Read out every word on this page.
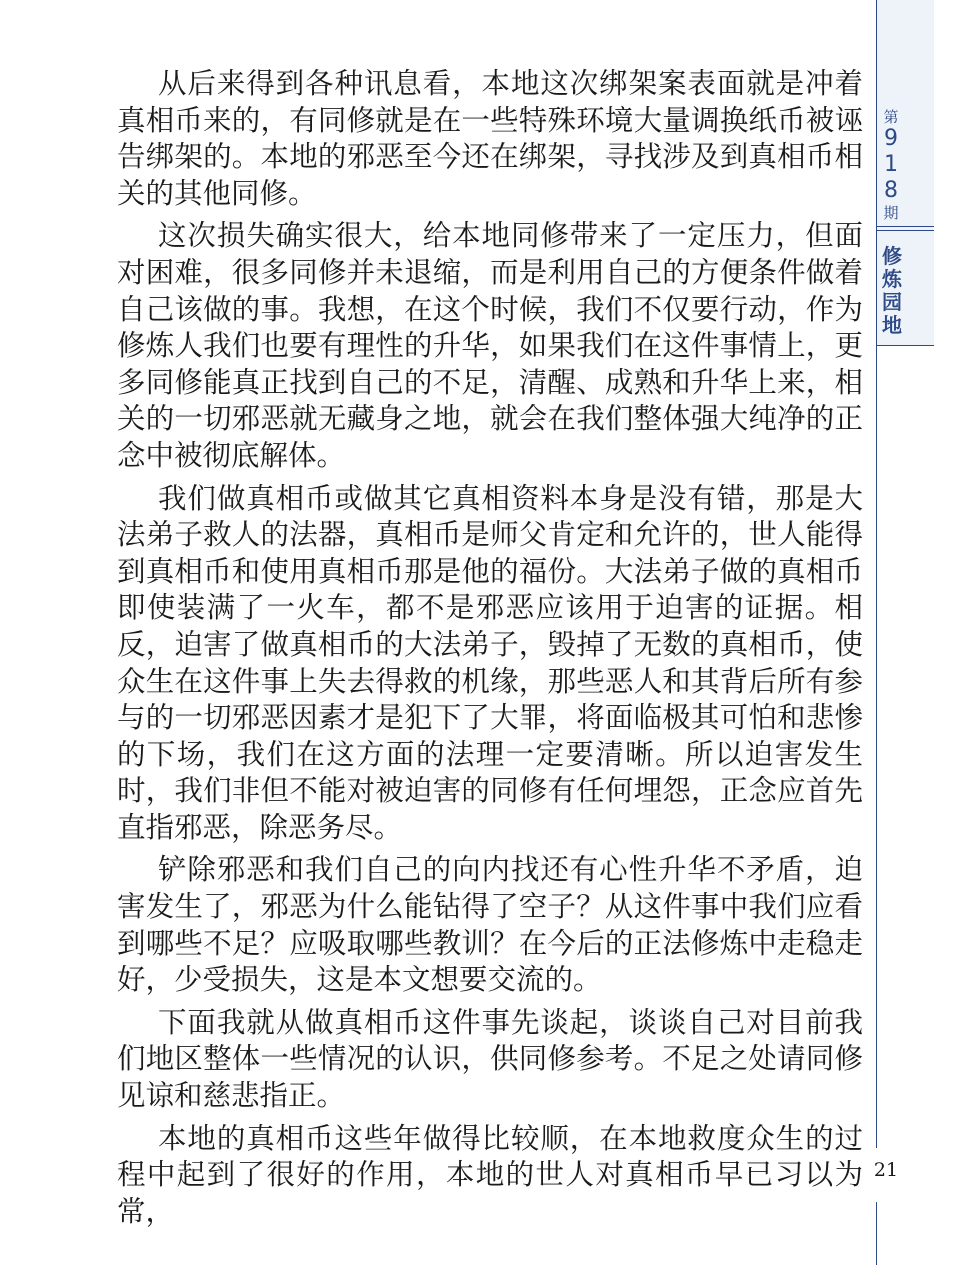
从后来得到各种讯息看，本地这次绑架案表面就是冲着真相币来的，有同修就是在一些特殊环境大量调换纸币被诬告绑架的。本地的邪恶至今还在绑架，寻找涉及到真相币相关的其他同修。

这次损失确实很大，给本地同修带来了一定压力，但面对困难，很多同修并未退缩，而是利用自己的方便条件做着自己该做的事。我想，在这个时候，我们不仅要行动，作为修炼人我们也要有理性的升华，如果我们在这件事情上，更多同修能真正找到自己的不足，清醒、成熟和升华上来，相关的一切邪恶就无藏身之地，就会在我们整体强大纯净的正念中被彻底解体。

我们做真相币或做其它真相资料本身是没有错，那是大法弟子救人的法器，真相币是师父肯定和允许的，世人能得到真相币和使用真相币那是他的福份。大法弟子做的真相币即使装满了一火车，都不是邪恶应该用于迫害的证据。相反，迫害了做真相币的大法弟子，毁掉了无数的真相币，使众生在这件事上失去得救的机缘，那些恶人和其背后所有参与的一切邪恶因素才是犯下了大罪，将面临极其可怕和悲惨的下场，我们在这方面的法理一定要清晰。所以迫害发生时，我们非但不能对被迫害的同修有任何埋怨，正念应首先直指邪恶，除恶务尽。

铲除邪恶和我们自己的向内找还有心性升华不矛盾，迫害发生了，邪恶为什么能钻得了空子？从这件事中我们应看到哪些不足？应吸取哪些教训？在今后的正法修炼中走稳走好，少受损失，这是本文想要交流的。

下面我就从做真相币这件事先谈起，谈谈自己对目前我们地区整体一些情况的认识，供同修参考。不足之处请同修见谅和慈悲指正。

本地的真相币这些年做得比较顺，在本地救度众生的过程中起到了很好的作用，本地的世人对真相币早已习以为常，

第
9
1
8
期
修
炼
园
地
21
